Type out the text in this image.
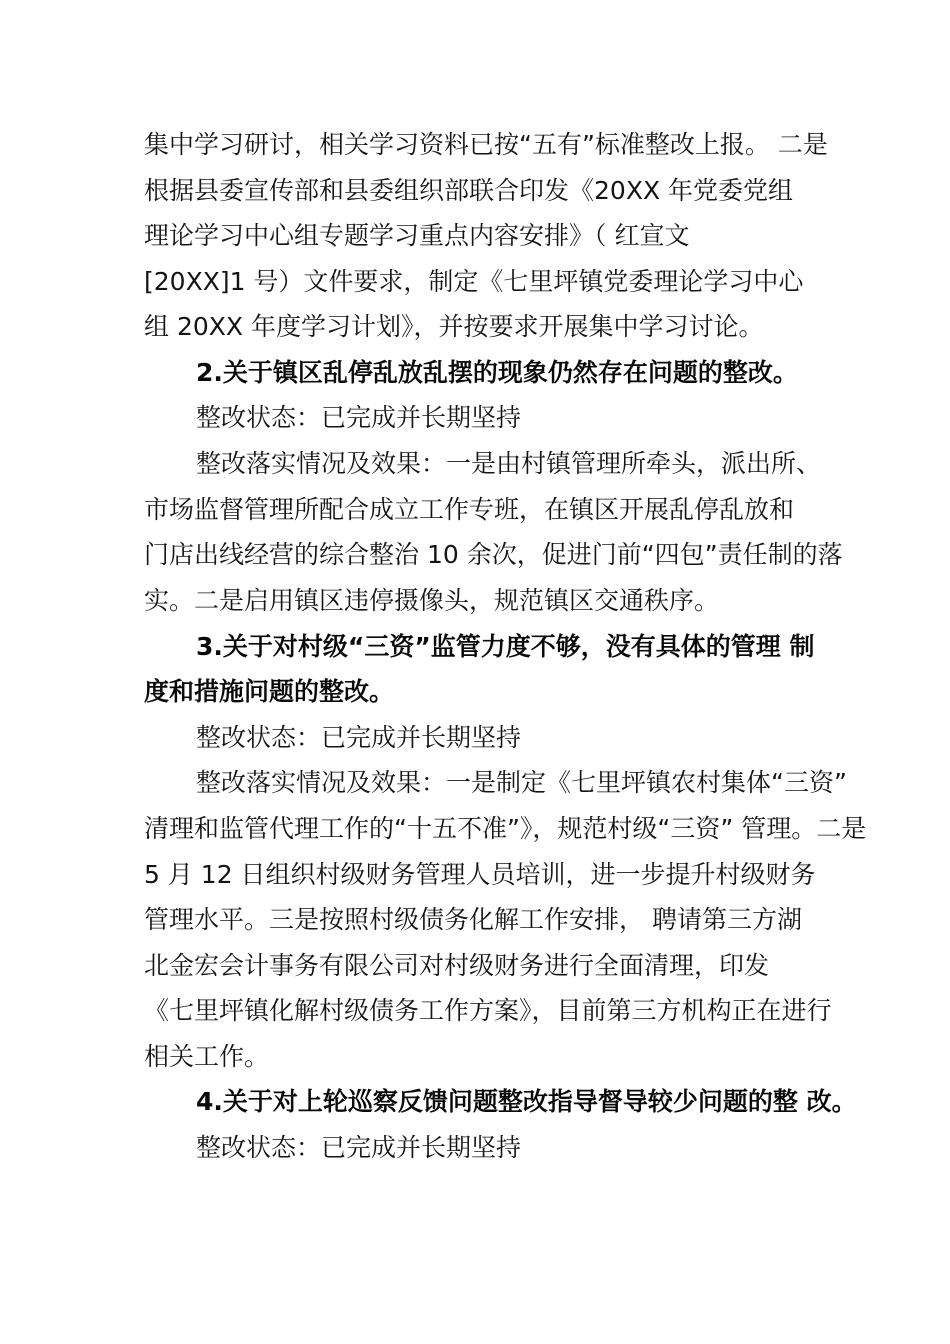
集中学习研讨，相关学习资料已按“五有”标准整改上报。 二是
根据县委宣传部和县委组织部联合印发《20XX 年党委党组
理论学习中心组专题学习重点内容安排》（ 红宣文
[20XX]1 号）文件要求，制定《七里坪镇党委理论学习中心
组 20XX 年度学习计划》，并按要求开展集中学习讨论。
2.关于镇区乱停乱放乱摆的现象仍然存在问题的整改。
整改状态：已完成并长期坚持
整改落实情况及效果：一是由村镇管理所牵头，派出所、
市场监督管理所配合成立工作专班，在镇区开展乱停乱放和
门店出线经营的综合整治 10 余次，促进门前“四包”责任制的落
实。二是启用镇区违停摄像头，规范镇区交通秩序。
3.关于对村级“三资”监管力度不够，没有具体的管理 制
度和措施问题的整改。
整改状态：已完成并长期坚持
整改落实情况及效果：一是制定《七里坪镇农村集体“三资”
清理和监管代理工作的“十五不准”》，规范村级“三资” 管理。二是
5 月 12 日组织村级财务管理人员培训，进一步提升村级财务
管理水平。三是按照村级债务化解工作安排， 聘请第三方湖
北金宏会计事务有限公司对村级财务进行全面清理，印发
《七里坪镇化解村级债务工作方案》，目前第三方机构正在进行
相关工作。
4.关于对上轮巡察反馈问题整改指导督导较少问题的整 改。
整改状态：已完成并长期坚持
